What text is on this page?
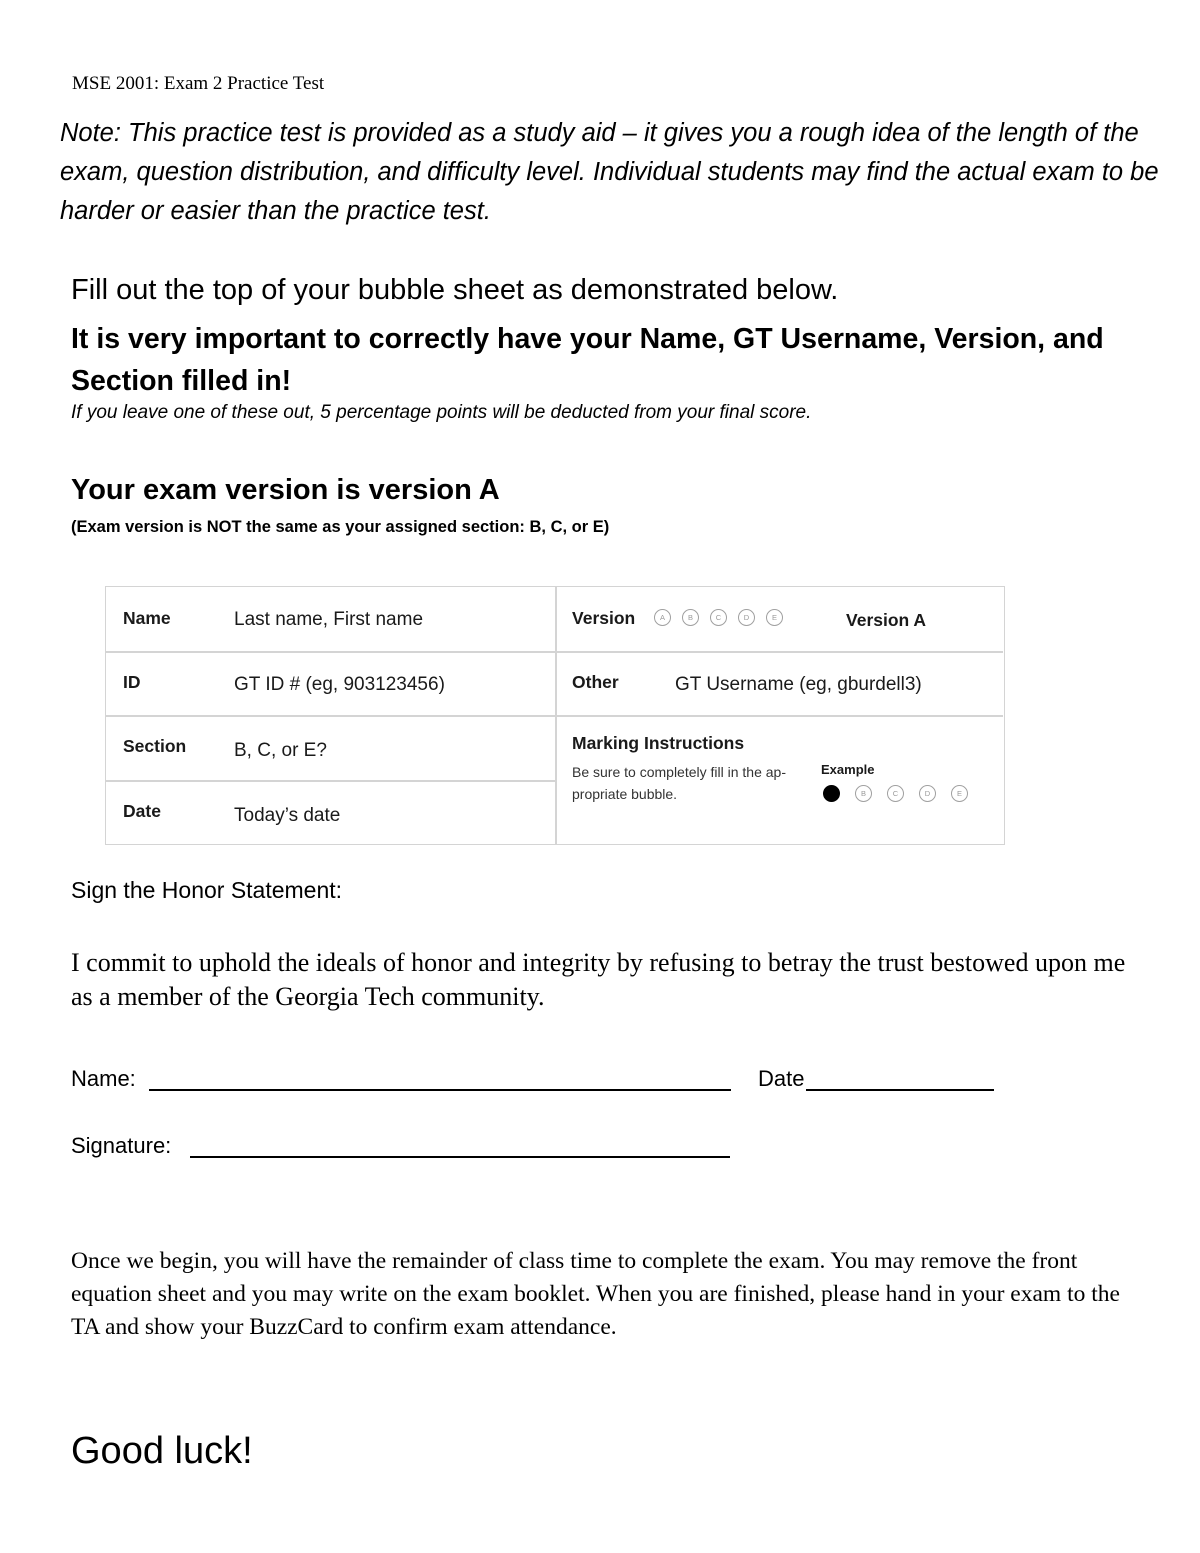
MSE 2001: Exam 2 Practice Test
Note: This practice test is provided as a study aid – it gives you a rough idea of the length of the exam, question distribution, and difficulty level. Individual students may find the actual exam to be harder or easier than the practice test.
Fill out the top of your bubble sheet as demonstrated below.
It is very important to correctly have your Name, GT Username, Version, and Section filled in!
If you leave one of these out, 5 percentage points will be deducted from your final score.
Your exam version is version A
(Exam version is NOT the same as your assigned section: B, C, or E)
Name	Last name, First name
ID	GT ID # (eg, 903123456)
Section	B, C, or E?
Date	Today’s date
Version	A	B	C	D	E	Version A
Other	GT Username (eg, gburdell3)
Marking Instructions
Be sure to completely fill in the ap-
propriate bubble.
Example
A	B	C	D	E
Sign the Honor Statement:
I commit to uphold the ideals of honor and integrity by refusing to betray the trust bestowed upon me as a member of the Georgia Tech community.
Name:	Date
Signature:
Once we begin, you will have the remainder of class time to complete the exam. You may remove the front equation sheet and you may write on the exam booklet. When you are finished, please hand in your exam to the TA and show your BuzzCard to confirm exam attendance.
Good luck!
